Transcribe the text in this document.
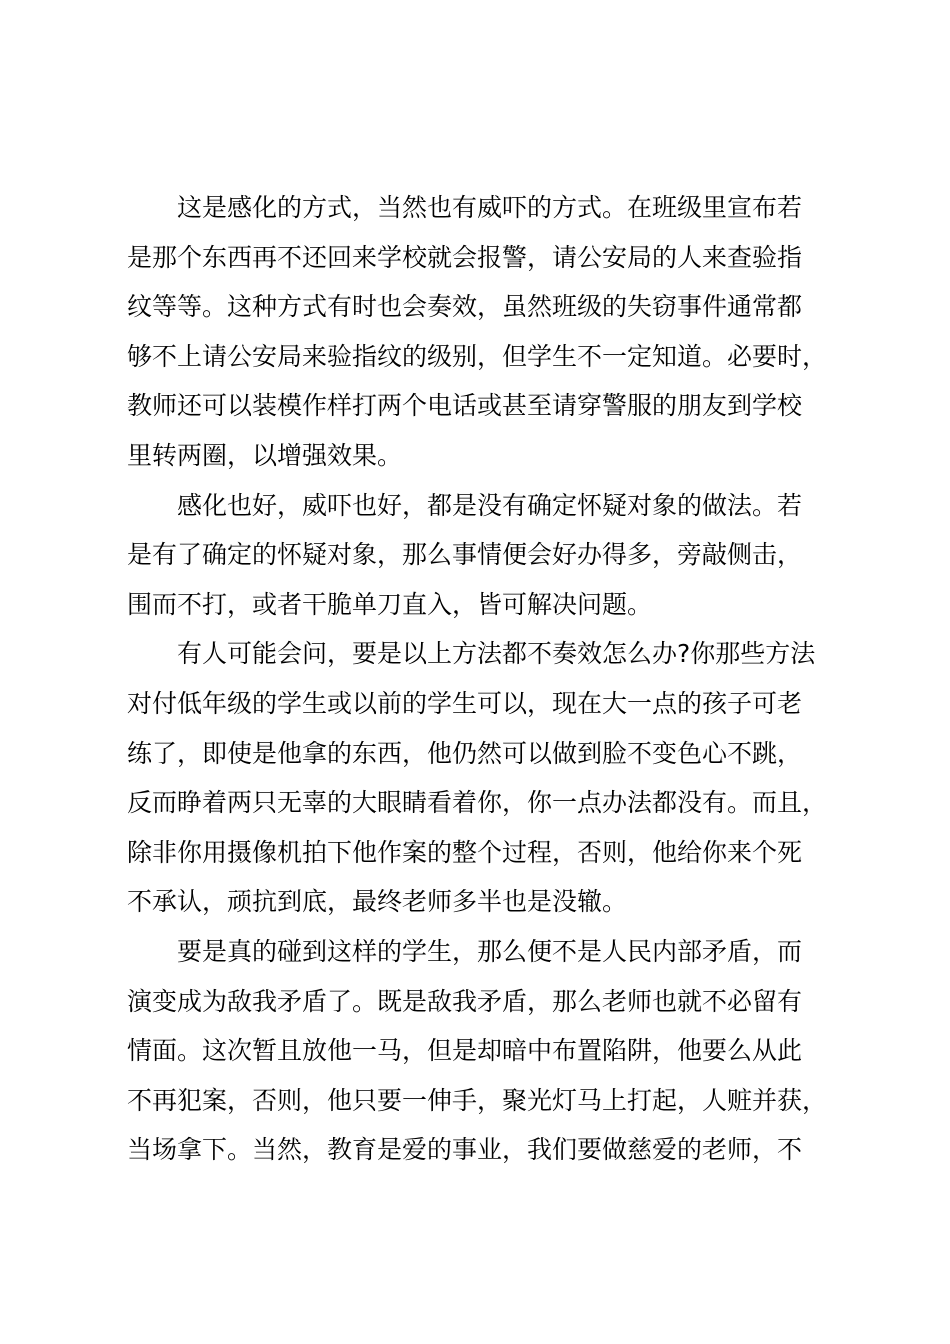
　　这是感化的方式，当然也有威吓的方式。在班级里宣布若
是那个东西再不还回来学校就会报警，请公安局的人来查验指
纹等等。这种方式有时也会奏效，虽然班级的失窃事件通常都
够不上请公安局来验指纹的级别，但学生不一定知道。必要时，
教师还可以装模作样打两个电话或甚至请穿警服的朋友到学校
里转两圈，以增强效果。
　　感化也好，威吓也好，都是没有确定怀疑对象的做法。若
是有了确定的怀疑对象，那么事情便会好办得多，旁敲侧击，
围而不打，或者干脆单刀直入，皆可解决问题。
　　有人可能会问，要是以上方法都不奏效怎么办?你那些方法
对付低年级的学生或以前的学生可以，现在大一点的孩子可老
练了，即使是他拿的东西，他仍然可以做到脸不变色心不跳，
反而睁着两只无辜的大眼睛看着你，你一点办法都没有。而且，
除非你用摄像机拍下他作案的整个过程，否则，他给你来个死
不承认，顽抗到底，最终老师多半也是没辙。
　　要是真的碰到这样的学生，那么便不是人民内部矛盾，而
演变成为敌我矛盾了。既是敌我矛盾，那么老师也就不必留有
情面。这次暂且放他一马，但是却暗中布置陷阱，他要么从此
不再犯案，否则，他只要一伸手，聚光灯马上打起，人赃并获，
当场拿下。当然，教育是爱的事业，我们要做慈爱的老师，不
